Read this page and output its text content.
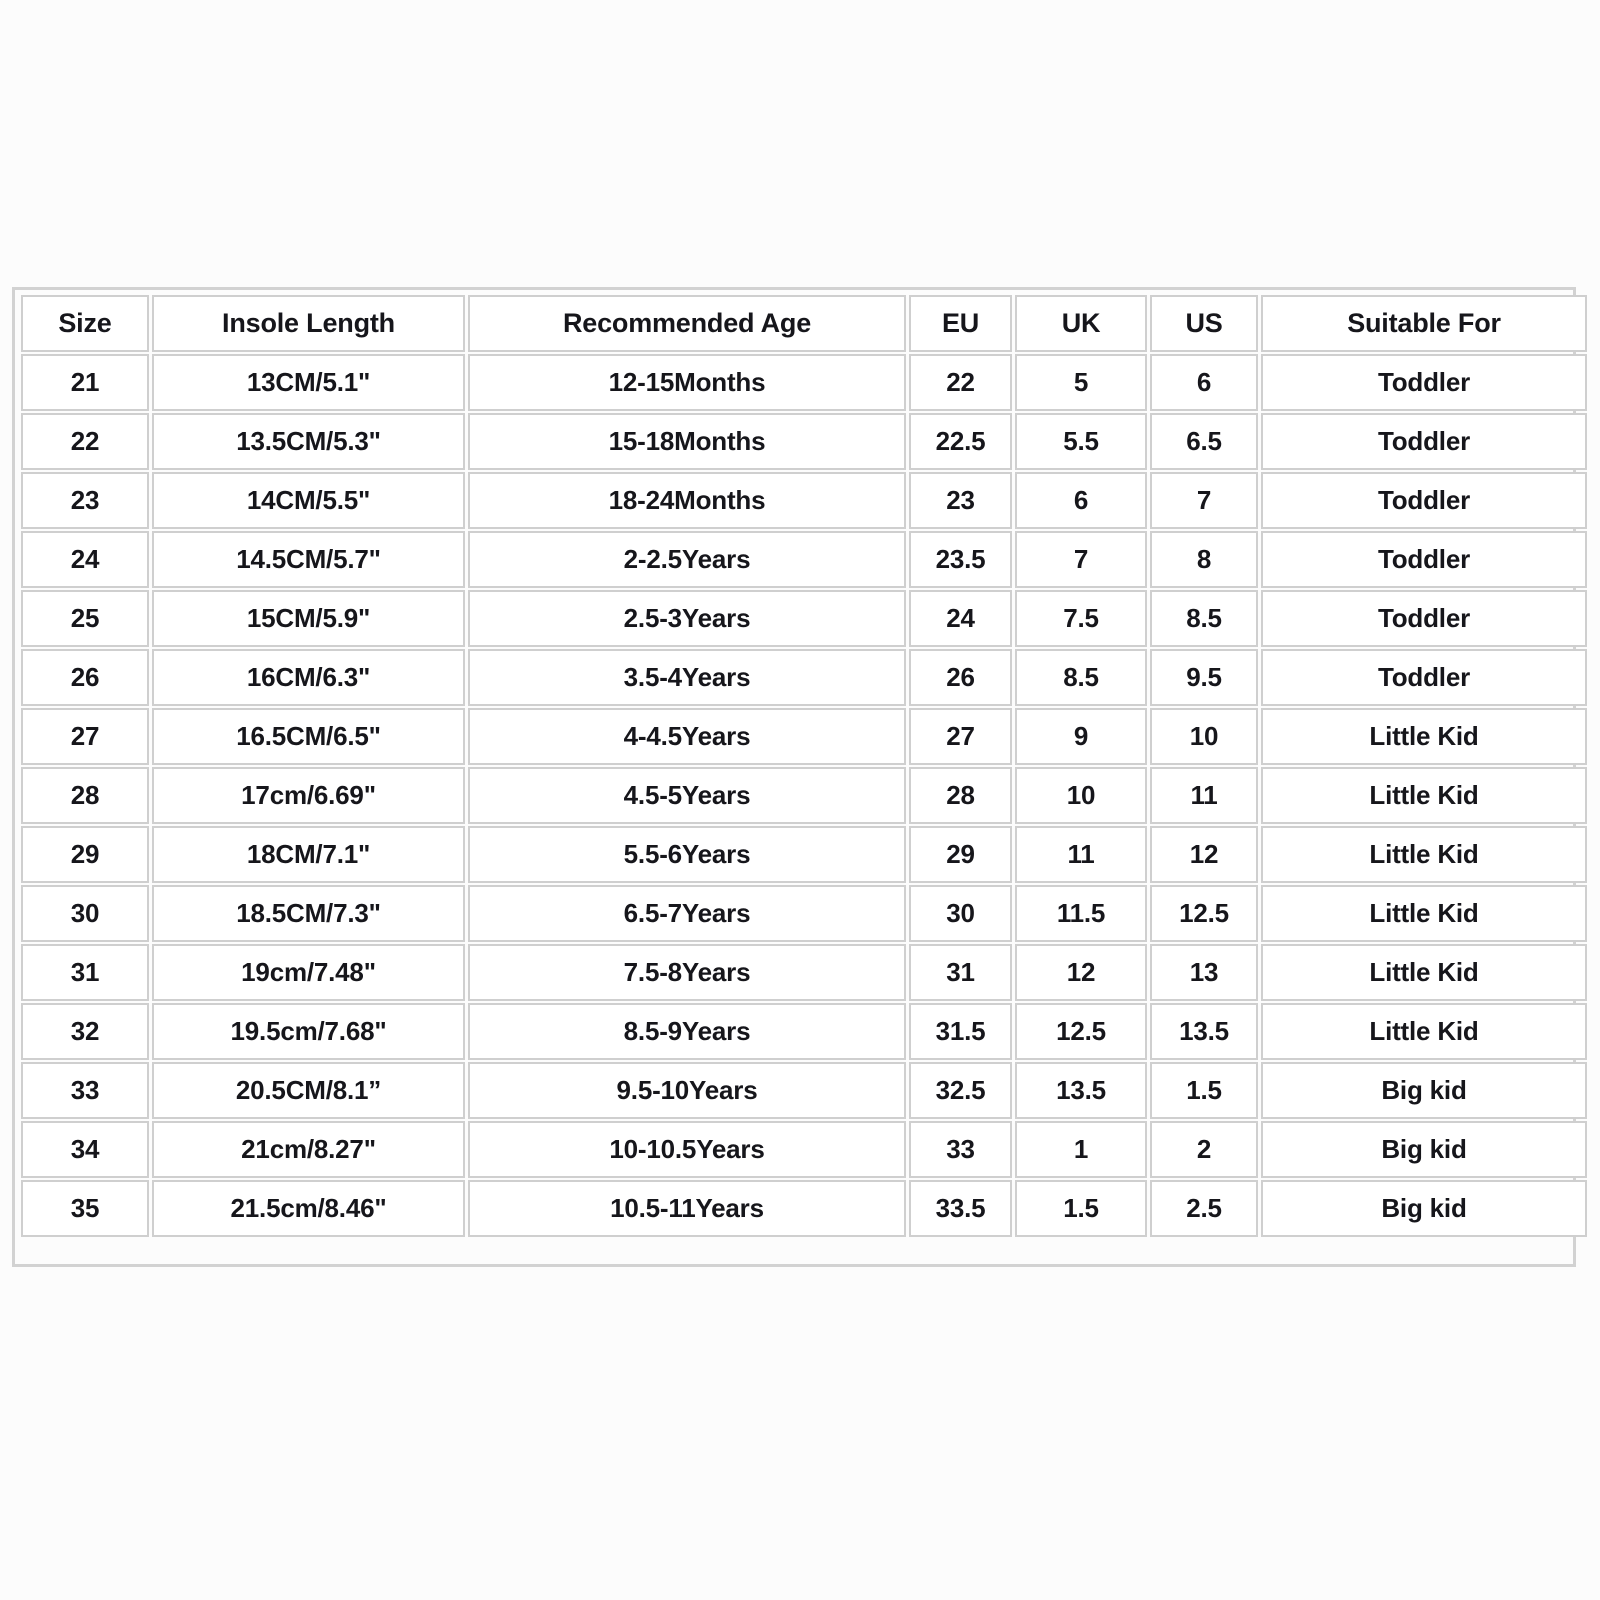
Size	Insole Length	Recommended Age	EU	UK	US	Suitable For
21	13CM/5.1"	12-15Months	22	5	6	Toddler
22	13.5CM/5.3"	15-18Months	22.5	5.5	6.5	Toddler
23	14CM/5.5"	18-24Months	23	6	7	Toddler
24	14.5CM/5.7"	2-2.5Years	23.5	7	8	Toddler
25	15CM/5.9"	2.5-3Years	24	7.5	8.5	Toddler
26	16CM/6.3"	3.5-4Years	26	8.5	9.5	Toddler
27	16.5CM/6.5"	4-4.5Years	27	9	10	Little Kid
28	17cm/6.69"	4.5-5Years	28	10	11	Little Kid
29	18CM/7.1"	5.5-6Years	29	11	12	Little Kid
30	18.5CM/7.3"	6.5-7Years	30	11.5	12.5	Little Kid
31	19cm/7.48"	7.5-8Years	31	12	13	Little Kid
32	19.5cm/7.68"	8.5-9Years	31.5	12.5	13.5	Little Kid
33	20.5CM/8.1”	9.5-10Years	32.5	13.5	1.5	Big kid
34	21cm/8.27"	10-10.5Years	33	1	2	Big kid
35	21.5cm/8.46"	10.5-11Years	33.5	1.5	2.5	Big kid
